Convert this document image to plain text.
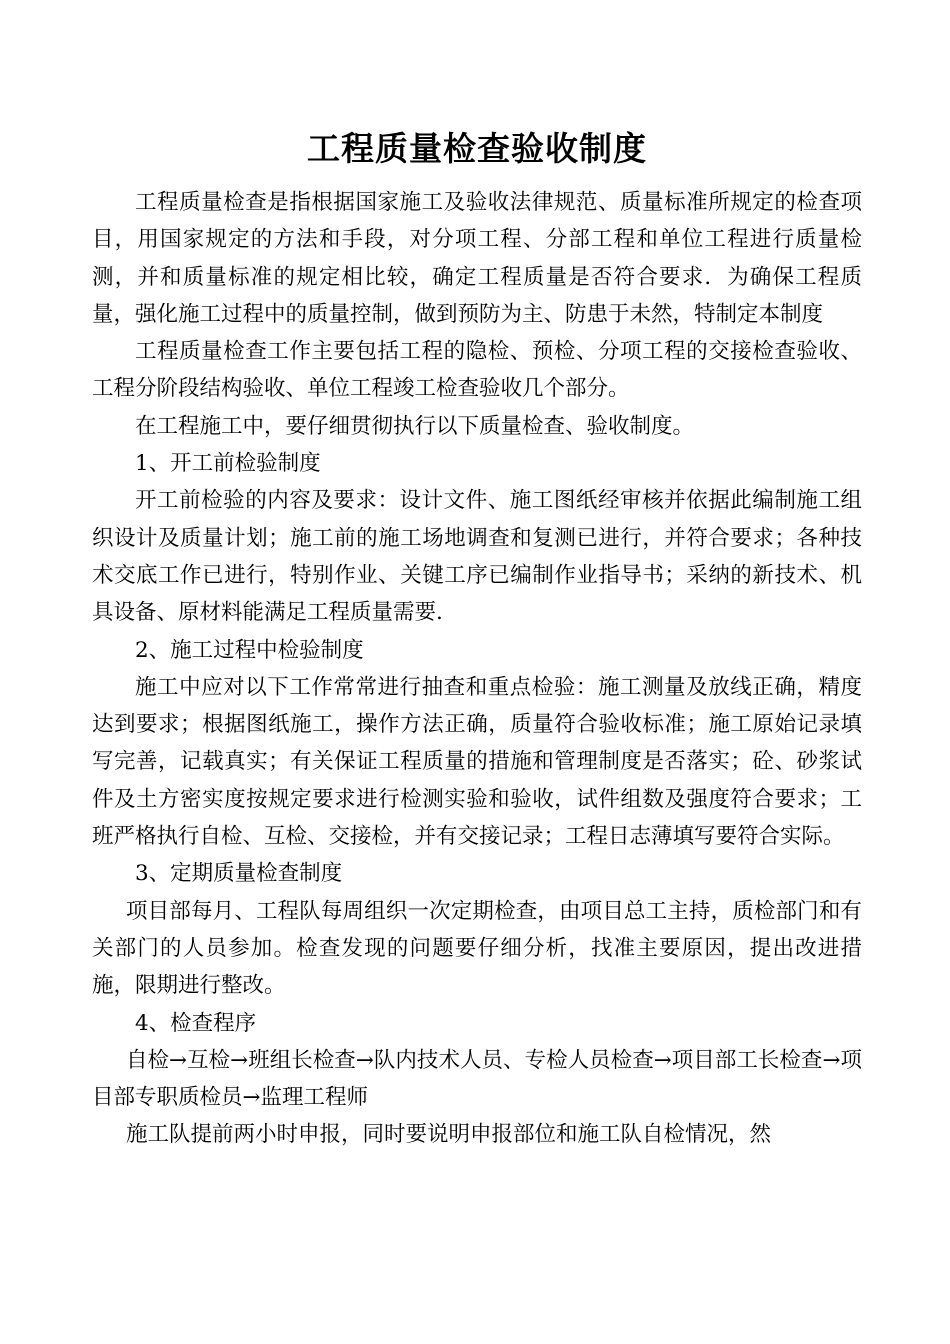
工程质量检查验收制度

工程质量检查是指根据国家施工及验收法律规范、质量标准所规定的检查项目，用国家规定的方法和手段，对分项工程、分部工程和单位工程进行质量检测，并和质量标准的规定相比较，确定工程质量是否符合要求．为确保工程质量，强化施工过程中的质量控制，做到预防为主、防患于未然，特制定本制度

工程质量检查工作主要包括工程的隐检、预检、分项工程的交接检查验收、工程分阶段结构验收、单位工程竣工检查验收几个部分。

在工程施工中，要仔细贯彻执行以下质量检查、验收制度。

1、开工前检验制度

开工前检验的内容及要求：设计文件、施工图纸经审核并依据此编制施工组织设计及质量计划；施工前的施工场地调查和复测已进行，并符合要求；各种技术交底工作已进行，特别作业、关键工序已编制作业指导书；采纳的新技术、机具设备、原材料能满足工程质量需要.

2、施工过程中检验制度

施工中应对以下工作常常进行抽查和重点检验：施工测量及放线正确，精度达到要求；根据图纸施工，操作方法正确，质量符合验收标准；施工原始记录填写完善，记载真实；有关保证工程质量的措施和管理制度是否落实；砼、砂浆试件及土方密实度按规定要求进行检测实验和验收，试件组数及强度符合要求；工班严格执行自检、互检、交接检，并有交接记录；工程日志薄填写要符合实际。

3、定期质量检查制度

项目部每月、工程队每周组织一次定期检查，由项目总工主持，质检部门和有关部门的人员参加。检查发现的问题要仔细分析，找准主要原因，提出改进措施，限期进行整改。

4、检查程序

自检→互检→班组长检查→队内技术人员、专检人员检查→项目部工长检查→项目部专职质检员→监理工程师

施工队提前两小时申报，同时要说明申报部位和施工队自检情况，然
